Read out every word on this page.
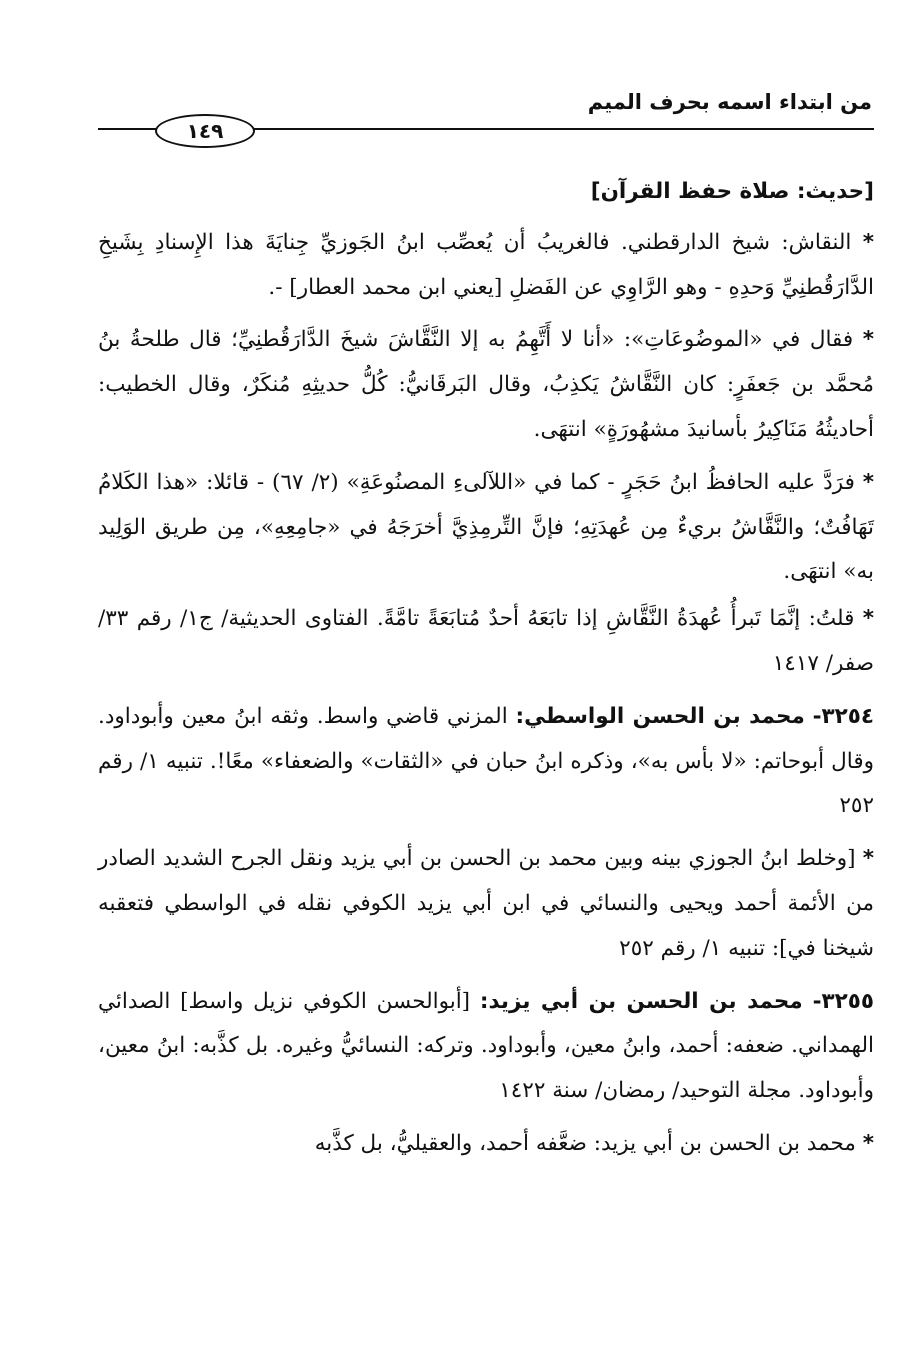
من ابتداء اسمه بحرف الميم
١٤٩

[حديث: صلاة حفظ القرآن]

* النقاش: شيخ الدارقطني. فالغريبُ أن يُعصِّب ابنُ الجَوزيِّ جِنايَةَ هذا الإِسنادِ بِشَيخِ الدَّارَقُطنِيِّ وَحدِهِ - وهو الرَّاوِي عن الفَضلِ [يعني ابن محمد العطار] -.

* فقال في «الموضُوعَاتِ»: «أنا لا أَتَّهِمُ به إلا النَّقَّاشَ شيخَ الدَّارَقُطنِيِّ؛ قال طلحةُ بنُ مُحمَّد بن جَعفَرٍ: كان النَّقَّاشُ يَكذِبُ، وقال البَرقَانيُّ: كُلُّ حديثِهِ مُنكَرٌ، وقال الخطيب: أحاديثُهُ مَنَاكِيرُ بأسانيدَ مشهُورَةٍ» انتهَى.

* فرَدَّ عليه الحافظُ ابنُ حَجَرٍ - كما في «اللآلىءِ المصنُوعَةِ» (٢/ ٦٧) - قائلا: «هذا الكَلامُ تَهَافُتٌ؛ والنَّقَّاشُ بريءٌ مِن عُهدَتِهِ؛ فإنَّ التِّرمِذِيَّ أخرَجَهُ في «جامِعِهِ»، مِن طريق الوَلِيد به» انتهَى.

* قلتُ: إنَّمَا تَبرأُ عُهدَةُ النَّقَّاشِ إذا تابَعَهُ أحدٌ مُتابَعَةً تامَّةً. الفتاوى الحديثية/ ج١/ رقم ٣٣/ صفر/ ١٤١٧

٣٢٥٤- محمد بن الحسن الواسطي: المزني قاضي واسط. وثقه ابنُ معين وأبوداود. وقال أبوحاتم: «لا بأس به»، وذكره ابنُ حبان في «الثقات» والضعفاء» معًا!. تنبيه ١/ رقم ٢٥٢

* [وخلط ابنُ الجوزي بينه وبين محمد بن الحسن بن أبي يزيد ونقل الجرح الشديد الصادر من الأئمة أحمد ويحيى والنسائي في ابن أبي يزيد الكوفي نقله في الواسطي فتعقبه شيخنا في]: تنبيه ١/ رقم ٢٥٢

٣٢٥٥- محمد بن الحسن بن أبي يزيد: [أبوالحسن الكوفي نزيل واسط] الصدائي الهمداني. ضعفه: أحمد، وابنُ معين، وأبوداود. وتركه: النسائيُّ وغيره. بل كذَّبه: ابنُ معين، وأبوداود. مجلة التوحيد/ رمضان/ سنة ١٤٢٢

* محمد بن الحسن بن أبي يزيد: ضعَّفه أحمد، والعقيليُّ، بل كذَّبه
